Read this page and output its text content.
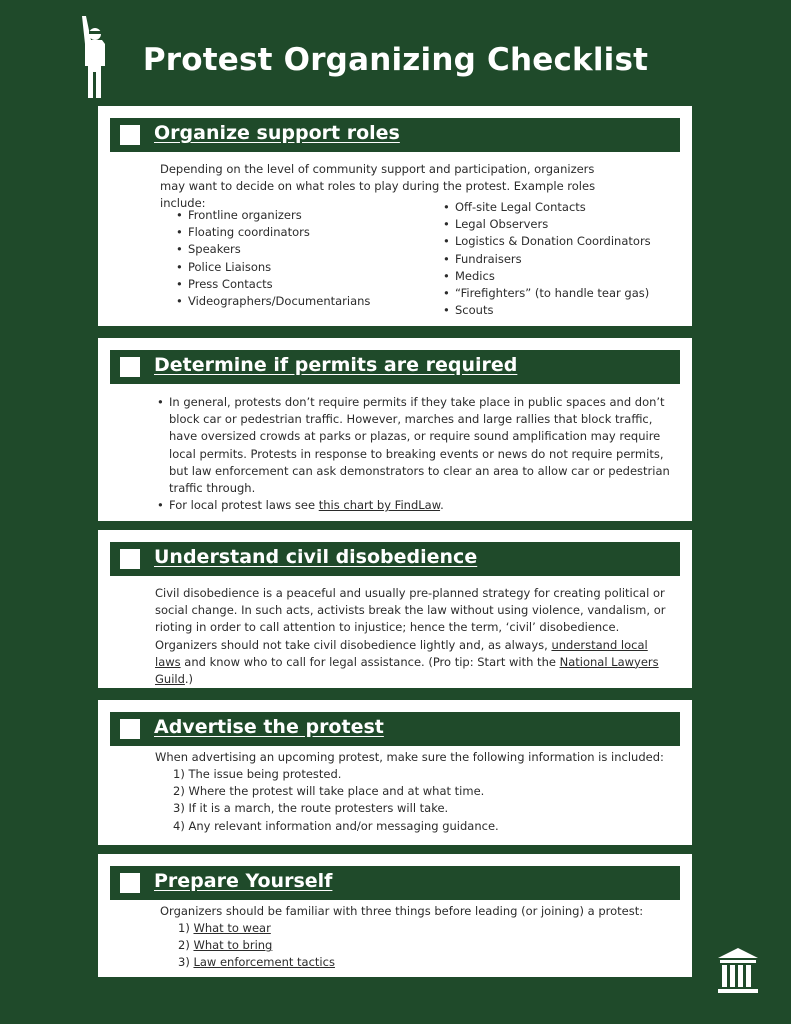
Protest Organizing Checklist
Organize support roles
Depending on the level of community support and participation, organizers may want to decide on what roles to play during the protest. Example roles include:
• Frontline organizers
• Floating coordinators
• Speakers
• Police Liaisons
• Press Contacts
• Videographers/Documentarians
• Off-site Legal Contacts
• Legal Observers
• Logistics & Donation Coordinators
• Fundraisers
• Medics
• “Firefighters” (to handle tear gas)
• Scouts
Determine if permits are required
• In general, protests don’t require permits if they take place in public spaces and don’t block car or pedestrian traffic. However, marches and large rallies that block traffic, have oversized crowds at parks or plazas, or require sound amplification may require local permits. Protests in response to breaking events or news do not require permits, but law enforcement can ask demonstrators to clear an area to allow car or pedestrian traffic through.
• For local protest laws see this chart by FindLaw.
Understand civil disobedience
Civil disobedience is a peaceful and usually pre-planned strategy for creating political or social change. In such acts, activists break the law without using violence, vandalism, or rioting in order to call attention to injustice; hence the term, ‘civil’ disobedience. Organizers should not take civil disobedience lightly and, as always, understand local laws and know who to call for legal assistance. (Pro tip: Start with the National Lawyers Guild.)
Advertise the protest
When advertising an upcoming protest, make sure the following information is included:
1) The issue being protested.
2) Where the protest will take place and at what time.
3) If it is a march, the route protesters will take.
4) Any relevant information and/or messaging guidance.
Prepare Yourself
Organizers should be familiar with three things before leading (or joining) a protest:
1) What to wear
2) What to bring
3) Law enforcement tactics
